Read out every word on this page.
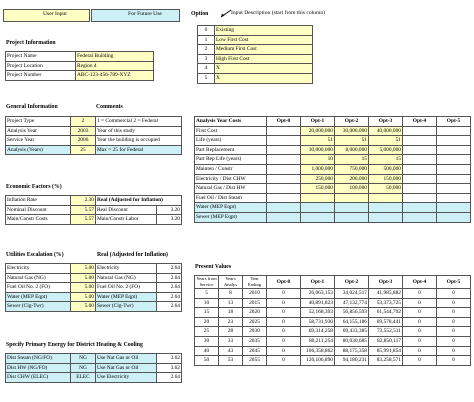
User Input	For Future Use	Option	Input Description (start from this column)
0	Existing
1	Low First Cost
2	Medium First Cost
3	High First Cost
4	X
5	X
Project Information
Project Name	Federal Building
Project Location	Region 4
Project Number	ABC-123-456-789-XYZ
General Information	Comments
Project Type	2	1 = Commercial 2 = Federal
Analysis Year	2003	Year of this study
Service Year	2006	Year the building is occupied
Analysis (Years)	25	Max = 25 for Federal
Economic Factors (%)
Inflation Rate	2.30	Real (Adjusted for Inflation)	
Nominal Discount	5.57	Real Discount	3.20
Main/Constr Costs	5.57	Main/Constr Labor	3.20
Utilities Escalation (%)	Real (Adjusted for Inflation)
Electricity	5.00	Electricity	2.64
Natural Gas (NG)	5.00	Natural Gas (NG)	2.64
Fuel Oil No. 2 (FO)	5.00	Fuel Oil No. 2 (FO)	2.64
Water (MEP Eqpt)	5.00	Water (MEP Eqpt)	2.64
Sewer (Clg-Twr)	5.00	Sewer (Clg-Twr)	2.64
Specify Primary Energy for District Heating & Cooling
Dist Steam (NG/FO)	NG	Use Nat Gas or Oil	3.62
Dist HW (NG/FO)	NG	Use Nat Gas or Oil	3.62
Dist CHW (ELEC)	ELEC	Use Electricity	2.64
Analysis Year Costs	Opt-0	Opt-1	Opt-2	Opt-3	Opt-4	Opt-5
First Cost		20,000,000	30,000,000	40,000,000		
Life (years)		51	51	51		
Part Replacement		10,000,000	8,000,000	5,000,000		
Part Rep Life (years)		10	15	15		
Mainten / Constr		1,000,000	750,000	500,000		
Electricity / Dist CHW		250,000	200,000	150,000		
Natural Gas / Dist HW		150,000	100,000	50,000		
Fuel Oil / Dist Steam						
Water (MEP Eqpt)						
Sewer (MEP Eqpt)						
Present Values
Years from Service	Years Analys	Year Ending	Opt-0	Opt-1	Opt-2	Opt-3	Opt-4	Opt-5
5	8	2010	0	26,063,153	34,024,517	41,985,882	0	0
10	13	2015	0	40,891,823	47,132,774	53,373,725	0	0
15	18	2020	0	52,168,393	56,856,593	61,544,792	0	0
20	23	2025	0	58,731,930	64,155,186	69,578,441	0	0
25	28	2030	0	69,314,258	69,433,385	73,552,511	0	0
30	33	2035	0	80,211,254	80,030,685	82,850,117	0	0
40	43	2045	0	106,358,862	88,175,358	85,991,854	0	0
50	53	2055	0	120,106,890	94,180,231	83,258,571	0	0
